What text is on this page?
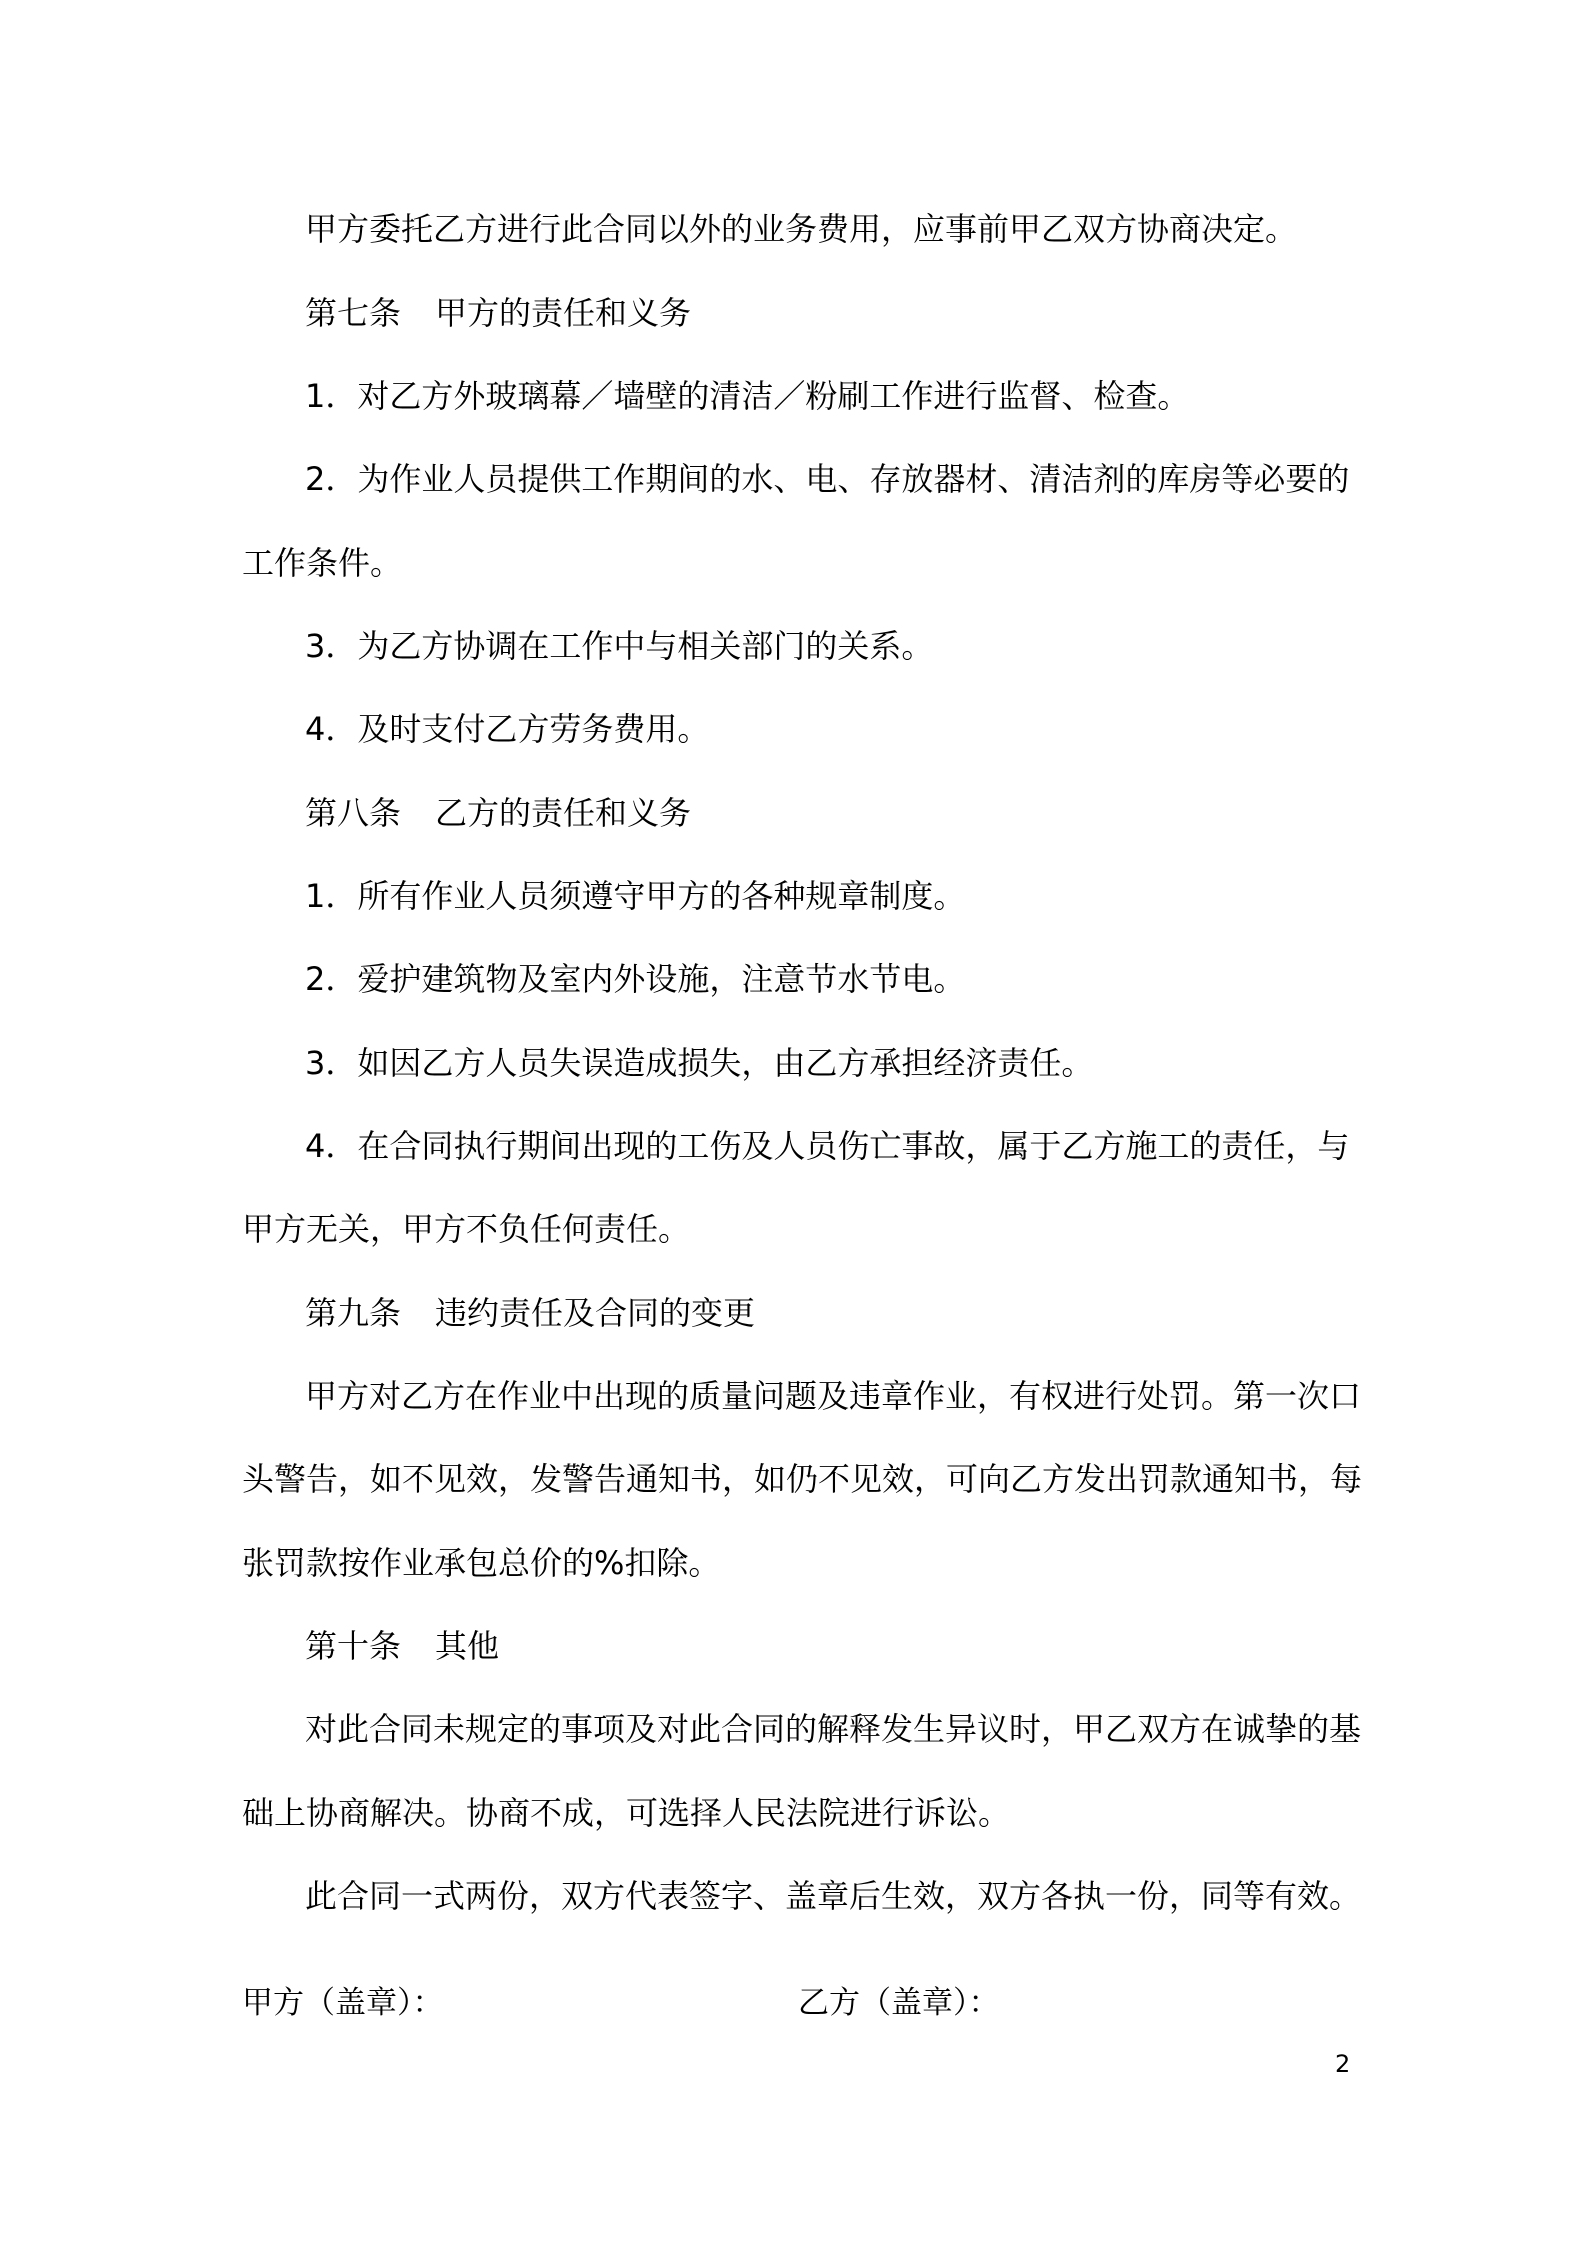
甲方委托乙方进行此合同以外的业务费用，应事前甲乙双方协商决定。
第七条 甲方的责任和义务
1．对乙方外玻璃幕／墙壁的清洁／粉刷工作进行监督、检查。
2．为作业人员提供工作期间的水、电、存放器材、清洁剂的库房等必要的
工作条件。
3．为乙方协调在工作中与相关部门的关系。
4．及时支付乙方劳务费用。
第八条 乙方的责任和义务
1．所有作业人员须遵守甲方的各种规章制度。
2．爱护建筑物及室内外设施，注意节水节电。
3．如因乙方人员失误造成损失，由乙方承担经济责任。
4．在合同执行期间出现的工伤及人员伤亡事故，属于乙方施工的责任，与
甲方无关，甲方不负任何责任。
第九条 违约责任及合同的变更
甲方对乙方在作业中出现的质量问题及违章作业，有权进行处罚。第一次口
头警告，如不见效，发警告通知书，如仍不见效，可向乙方发出罚款通知书，每
张罚款按作业承包总价的%扣除。
第十条 其他
对此合同未规定的事项及对此合同的解释发生异议时，甲乙双方在诚挚的基
础上协商解决。协商不成，可选择人民法院进行诉讼。
此合同一式两份，双方代表签字、盖章后生效，双方各执一份，同等有效。
甲方（盖章）：	乙方（盖章）：
2
